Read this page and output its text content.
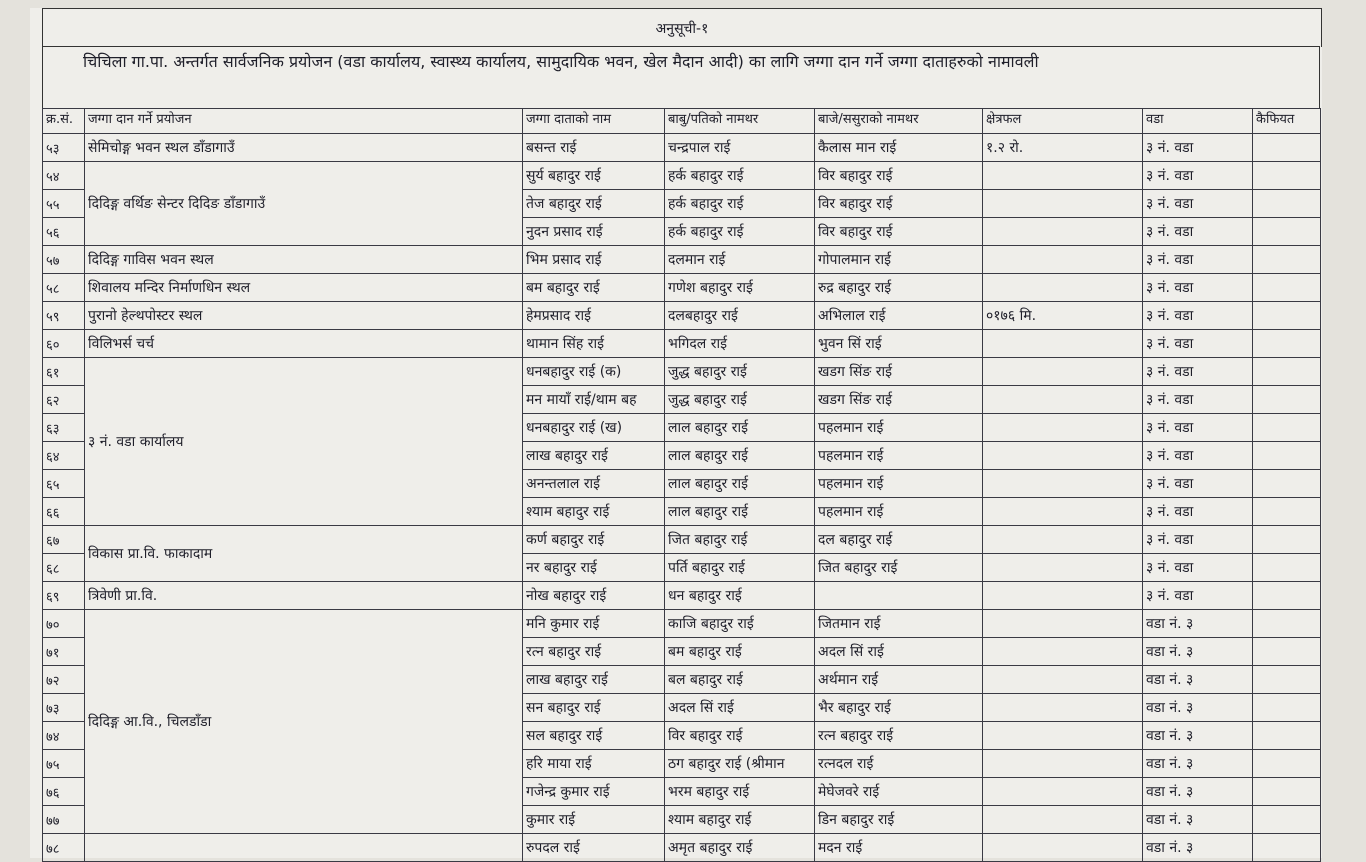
अनुसूची-१
चिचिला गा.पा. अन्तर्गत सार्वजनिक प्रयोजन (वडा कार्यालय, स्वास्थ्य कार्यालय, सामुदायिक भवन, खेल मैदान आदी) का लागि जग्गा दान गर्ने जग्गा दाताहरुको नामावली
क्र.सं.	जग्गा दान गर्ने प्रयोजन	जग्गा दाताको नाम	बाबु/पतिको नामथर	बाजे/ससुराको नामथर	क्षेत्रफल	वडा	कैफियत
५३	सेमिचोङ्ग भवन स्थल डाँडागाउँ	बसन्त राई	चन्द्रपाल राई	कैलास मान राई	१.२ रो.	३ नं. वडा	
५४	दिदिङ्ग वर्थिङ सेन्टर दिदिङ डाँडागाउँ	सुर्य बहादुर राई	हर्क बहादुर राई	विर बहादुर राई		३ नं. वडा	
५५		तेज बहादुर राई	हर्क बहादुर राई	विर बहादुर राई		३ नं. वडा	
५६		नुदन प्रसाद राई	हर्क बहादुर राई	विर बहादुर राई		३ नं. वडा	
५७	दिदिङ्ग गाविस भवन स्थल	भिम प्रसाद राई	दलमान राई	गोपालमान राई		३ नं. वडा	
५८	शिवालय मन्दिर निर्माणधिन स्थल	बम बहादुर राई	गणेश बहादुर राई	रुद्र बहादुर राई		३ नं. वडा	
५९	पुरानो हेल्थपोस्टर स्थल	हेमप्रसाद राई	दलबहादुर राई	अभिलाल राई	०१७६ मि.	३ नं. वडा	
६०	विलिभर्स चर्च	थामान सिंह राई	भगिदल राई	भुवन सिं राई		३ नं. वडा	
६१	३ नं. वडा कार्यालय	धनबहादुर राई (क)	जुद्ध बहादुर राई	खडग सिंङ राई		३ नं. वडा	
६२		मन मायाँ राई/थाम बह	जुद्ध बहादुर राई	खडग सिंङ राई		३ नं. वडा	
६३		धनबहादुर राई (ख)	लाल बहादुर राई	पहलमान राई		३ नं. वडा	
६४		लाख बहादुर राई	लाल बहादुर राई	पहलमान राई		३ नं. वडा	
६५		अनन्तलाल राई	लाल बहादुर राई	पहलमान राई		३ नं. वडा	
६६		श्याम बहादुर राई	लाल बहादुर राई	पहलमान राई		३ नं. वडा	
६७	विकास प्रा.वि. फाकादाम	कर्ण बहादुर राई	जित बहादुर राई	दल बहादुर राई		३ नं. वडा	
६८		नर बहादुर राई	पर्ति बहादुर राई	जित बहादुर राई		३ नं. वडा	
६९	त्रिवेणी प्रा.वि.	नोख बहादुर राई	धन बहादुर राई			३ नं. वडा	
७०	दिदिङ्ग आ.वि., चिलडाँडा	मनि कुमार राई	काजि बहादुर राई	जितमान राई		वडा नं. ३	
७१		रत्न बहादुर राई	बम बहादुर राई	अदल सिं राई		वडा नं. ३	
७२		लाख बहादुर राई	बल बहादुर राई	अर्थमान राई		वडा नं. ३	
७३		सन बहादुर राई	अदल सिं राई	भैर बहादुर राई		वडा नं. ३	
७४		सल बहादुर राई	विर बहादुर राई	रत्न बहादुर राई		वडा नं. ३	
७५		हरि माया राई	ठग बहादुर राई (श्रीमान	रत्नदल राई		वडा नं. ३	
७६		गजेन्द्र कुमार राई	भरम बहादुर राई	मेघेजवरे राई		वडा नं. ३	
७७		कुमार राई	श्याम बहादुर राई	डिन बहादुर राई		वडा नं. ३	
७८		रुपदल राई	अमृत बहादुर राई	मदन राई		वडा नं. ३	
